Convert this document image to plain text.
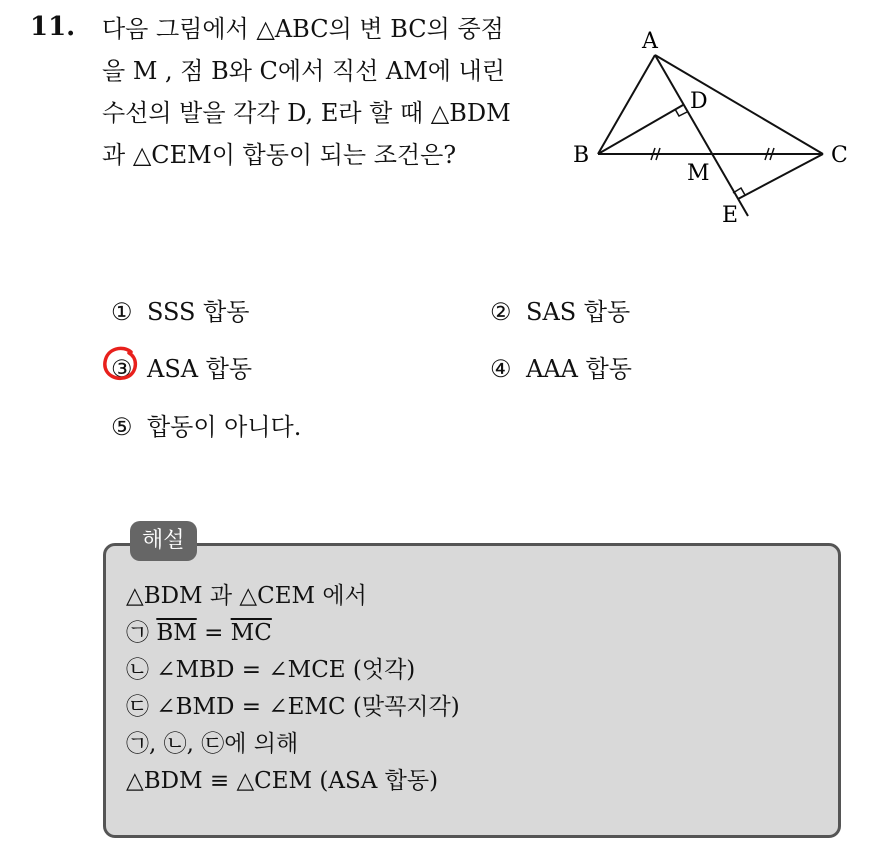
11. 다음 그림에서 △ABC의 변 BC의 중점
을 M , 점 B와 C에서 직선 AM에 내린
수선의 발을 각각 D, E라 할 때 △BDM
과 △CEM이 합동이 되는 조건은?
A
B	C
D
M
E
① SSS 합동	② SAS 합동
③ ASA 합동	④ AAA 합동
⑤ 합동이 아니다.
해설
△BDM 과 △CEM 에서
㉠ $\overline{BM} = \overline{MC}$
㉡ ∠MBD = ∠MCE (엇각)
㉢ ∠BMD = ∠EMC (맞꼭지각)
㉠, ㉡, ㉢에 의해
△BDM ≡ △CEM (ASA 합동)
